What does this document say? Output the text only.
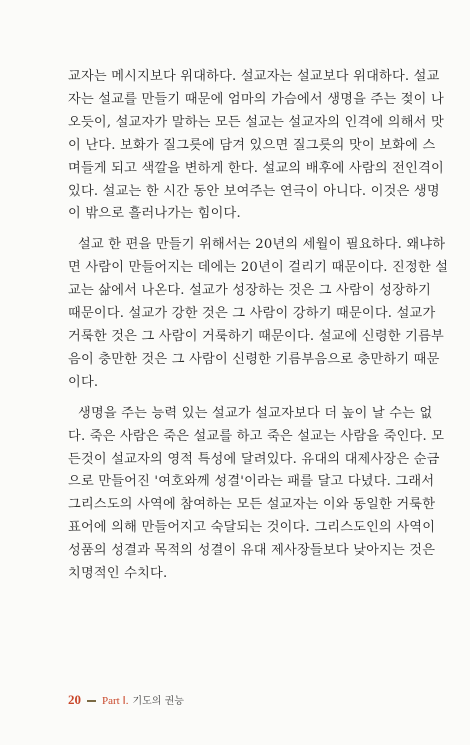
교자는 메시지보다 위대하다. 설교자는 설교보다 위대하다. 설교
자는 설교를 만들기 때문에 엄마의 가슴에서 생명을 주는 젖이 나
오듯이, 설교자가 말하는 모든 설교는 설교자의 인격에 의해서 맛
이 난다. 보화가 질그릇에 담겨 있으면 질그릇의 맛이 보화에 스
며들게 되고 색깔을 변하게 한다. 설교의 배후에 사람의 전인격이
있다. 설교는 한 시간 동안 보여주는 연극이 아니다. 이것은 생명
이 밖으로 흘러나가는 힘이다.
설교 한 편을 만들기 위해서는 20년의 세월이 필요하다. 왜냐하
면 사람이 만들어지는 데에는 20년이 걸리기 때문이다. 진정한 설
교는 삶에서 나온다. 설교가 성장하는 것은 그 사람이 성장하기
때문이다. 설교가 강한 것은 그 사람이 강하기 때문이다. 설교가
거룩한 것은 그 사람이 거룩하기 때문이다. 설교에 신령한 기름부
음이 충만한 것은 그 사람이 신령한 기름부음으로 충만하기 때문
이다.
생명을 주는 능력 있는 설교가 설교자보다 더 높이 날 수는 없
다. 죽은 사람은 죽은 설교를 하고 죽은 설교는 사람을 죽인다. 모
든것이 설교자의 영적 특성에 달려있다. 유대의 대제사장은 순금
으로 만들어진 '여호와께 성결'이라는 패를 달고 다녔다. 그래서
그리스도의 사역에 참여하는 모든 설교자는 이와 동일한 거룩한
표어에 의해 만들어지고 숙달되는 것이다. 그리스도인의 사역이
성품의 성결과 목적의 성결이 유대 제사장들보다 낮아지는 것은
치명적인 수치다.
20 Part Ⅰ. 기도의 권능
